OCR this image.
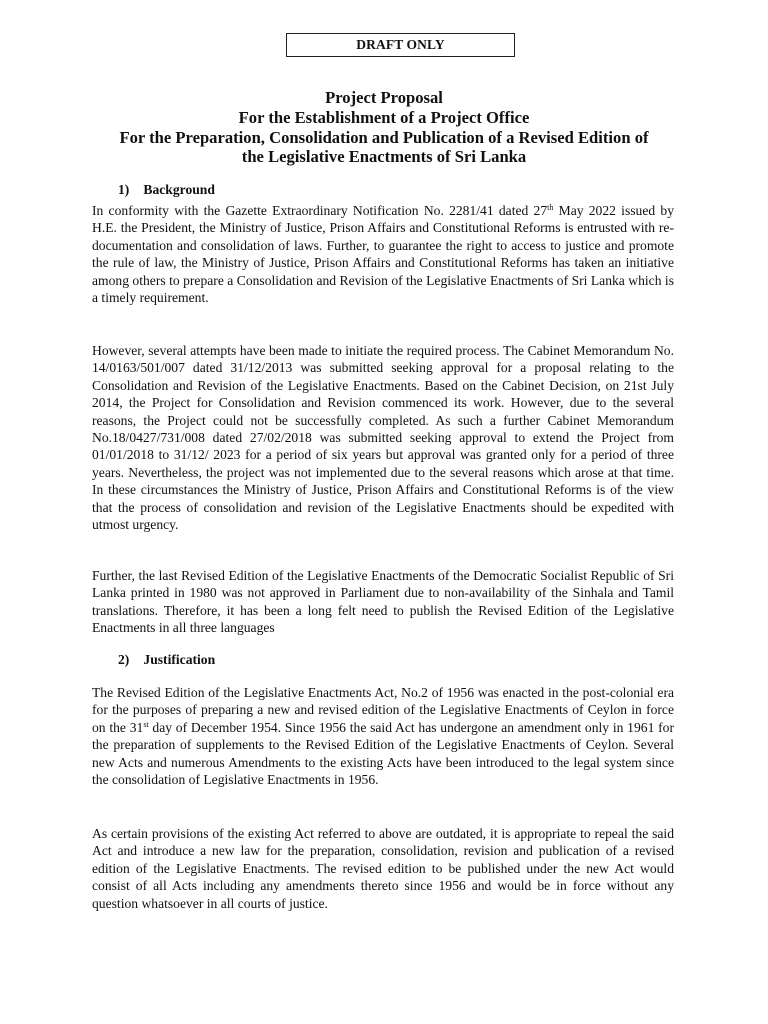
DRAFT ONLY
Project Proposal
For the Establishment of a Project Office
For the Preparation, Consolidation and Publication of a Revised Edition of
the Legislative Enactments of Sri Lanka
1) Background

In conformity with the Gazette Extraordinary Notification No. 2281/41 dated 27th May 2022 issued by H.E. the President, the Ministry of Justice, Prison Affairs and Constitutional Reforms is entrusted with re-documentation and consolidation of laws. Further, to guarantee the right to access to justice and promote the rule of law, the Ministry of Justice, Prison Affairs and Constitutional Reforms has taken an initiative among others to prepare a Consolidation and Revision of the Legislative Enactments of Sri Lanka which is a timely requirement.

However, several attempts have been made to initiate the required process. The Cabinet Memorandum No. 14/0163/501/007 dated 31/12/2013 was submitted seeking approval for a proposal relating to the Consolidation and Revision of the Legislative Enactments. Based on the Cabinet Decision, on 21st July 2014, the Project for Consolidation and Revision commenced its work. However, due to the several reasons, the Project could not be successfully completed. As such a further Cabinet Memorandum No.18/0427/731/008 dated 27/02/2018 was submitted seeking approval to extend the Project from 01/01/2018 to 31/12/ 2023 for a period of six years but approval was granted only for a period of three years. Nevertheless, the project was not implemented due to the several reasons which arose at that time. In these circumstances the Ministry of Justice, Prison Affairs and Constitutional Reforms is of the view that the process of consolidation and revision of the Legislative Enactments should be expedited with utmost urgency.

Further, the last Revised Edition of the Legislative Enactments of the Democratic Socialist Republic of Sri Lanka printed in 1980 was not approved in Parliament due to non-availability of the Sinhala and Tamil translations. Therefore, it has been a long felt need to publish the Revised Edition of the Legislative Enactments in all three languages

2) Justification

The Revised Edition of the Legislative Enactments Act, No.2 of 1956 was enacted in the post-colonial era for the purposes of preparing a new and revised edition of the Legislative Enactments of Ceylon in force on the 31st day of December 1954. Since 1956 the said Act has undergone an amendment only in 1961 for the preparation of supplements to the Revised Edition of the Legislative Enactments of Ceylon. Several new Acts and numerous Amendments to the existing Acts have been introduced to the legal system since the consolidation of Legislative Enactments in 1956.

As certain provisions of the existing Act referred to above are outdated, it is appropriate to repeal the said Act and introduce a new law for the preparation, consolidation, revision and publication of a revised edition of the Legislative Enactments. The revised edition to be published under the new Act would consist of all Acts including any amendments thereto since 1956 and would be in force without any question whatsoever in all courts of justice.
